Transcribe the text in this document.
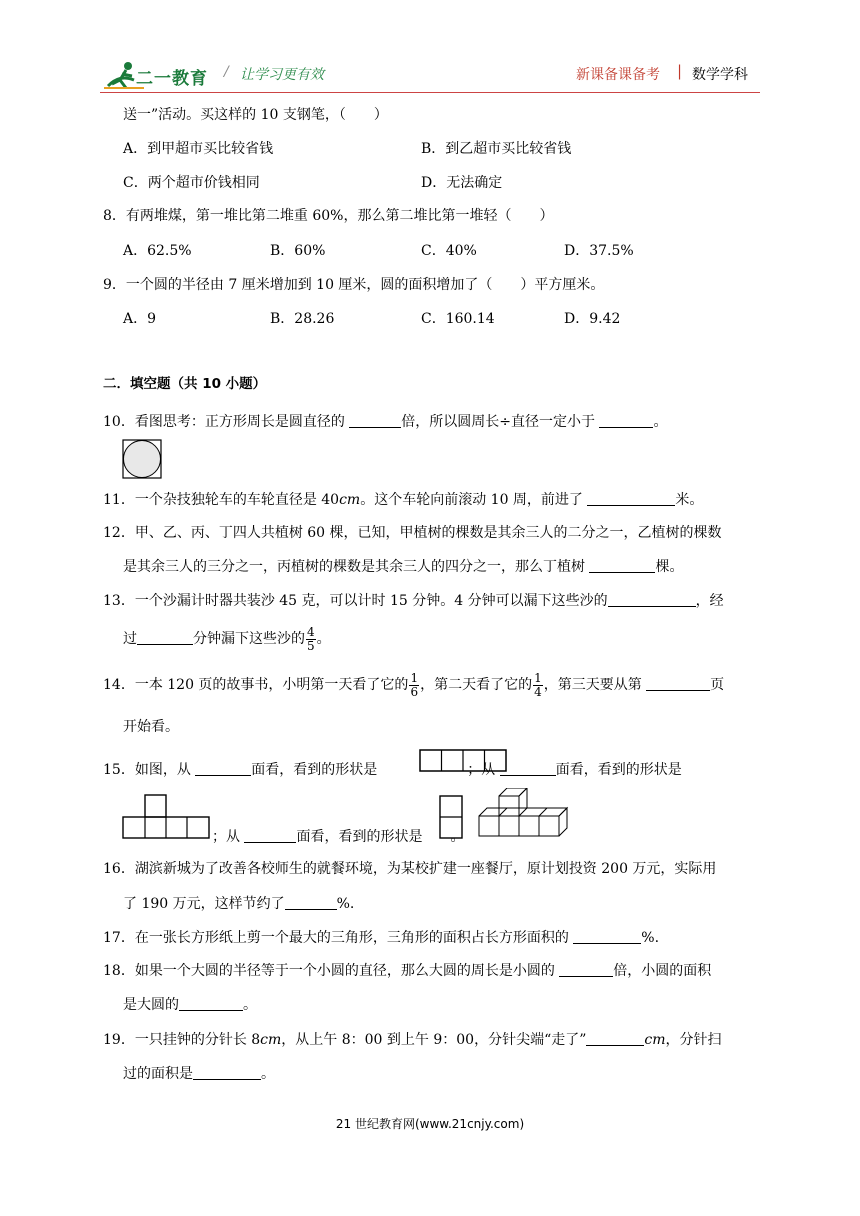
二一教育 / 让学习更有效	新课备课备考 | 数学学科
送一”活动。买这样的 10 支钢笔，（　　）
A．到甲超市买比较省钱	B．到乙超市买比较省钱
C．两个超市价钱相同	D．无法确定
8．有两堆煤，第一堆比第二堆重 60%，那么第二堆比第一堆轻（　　）
A．62.5%	B．60%	C．40%	D．37.5%
9．一个圆的半径由 7 厘米增加到 10 厘米，圆的面积增加了（　　）平方厘米。
A．9	B．28.26	C．160.14	D．9.42
二．填空题（共 10 小题）
10．看图思考：正方形周长是圆直径的	倍，所以圆周长÷直径一定小于	。
11．一个杂技独轮车的车轮直径是 40cm。这个车轮向前滚动 10 周，前进了	米。
12．甲、乙、丙、丁四人共植树 60 棵，已知，甲植树的棵数是其余三人的二分之一，乙植树的棵数
是其余三人的三分之一，丙植树的棵数是其余三人的四分之一，那么丁植树	棵。
13．一个沙漏计时器共装沙 45 克，可以计时 15 分钟。4 分钟可以漏下这些沙的	，经
过	分钟漏下这些沙的 $\frac{4}{5}$ 。
14．一本 120 页的故事书，小明第一天看了它的 $\frac{1}{6}$ ，第二天看了它的 $\frac{1}{4}$ ，第三天要从第	页
开始看。
15．如图，从	面看，看到的形状是	；从	面看，看到的形状是
；从	面看，看到的形状是 。
16．湖滨新城为了改善各校师生的就餐环境，为某校扩建一座餐厅，原计划投资 200 万元，实际用
了 190 万元，这样节约了	%.
17．在一张长方形纸上剪一个最大的三角形，三角形的面积占长方形面积的	%.
18．如果一个大圆的半径等于一个小圆的直径，那么大圆的周长是小圆的	倍，小圆的面积
是大圆的	。
19．一只挂钟的分针长 8cm，从上午 8：00 到上午 9：00，分针尖端“走了”	cm，分针扫
过的面积是	。
21 世纪教育网(www.21cnjy.com)
